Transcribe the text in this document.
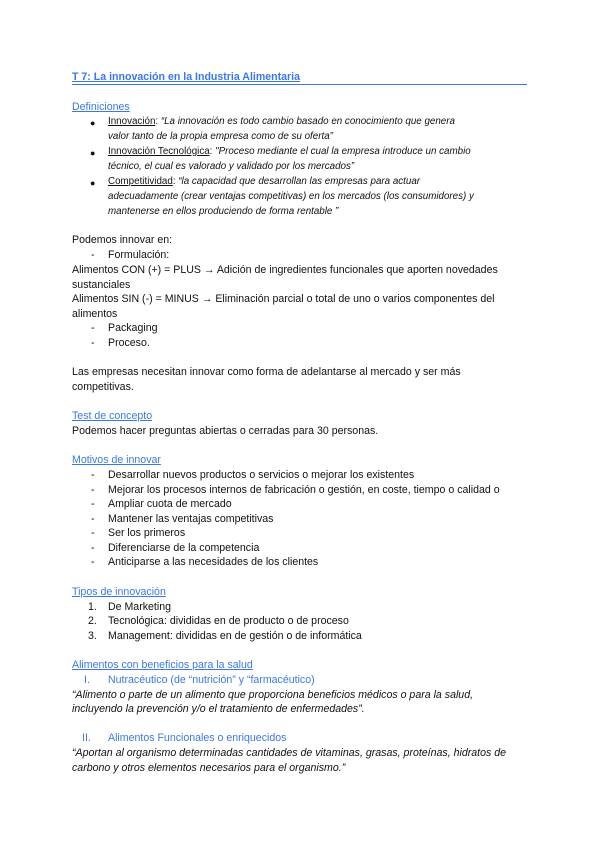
T 7: La innovación en la Industria Alimentaria
Definiciones
● Innovación: “La innovación es todo cambio basado en conocimiento que genera
valor tanto de la propia empresa como de su oferta”
● Innovación Tecnológica: "Proceso mediante el cual la empresa introduce un cambio
técnico, el cual es valorado y validado por los mercados”
● Competitividad: “la capacidad que desarrollan las empresas para actuar
adecuadamente (crear ventajas competitivas) en los mercados (los consumidores) y
mantenerse en ellos produciendo de forma rentable ”
Podemos innovar en:
- Formulación:
Alimentos CON (+) = PLUS → Adición de ingredientes funcionales que aporten novedades
sustanciales
Alimentos SIN (-) = MINUS → Eliminación parcial o total de uno o varios componentes del
alimentos
- Packaging
- Proceso.
Las empresas necesitan innovar como forma de adelantarse al mercado y ser más
competitivas.
Test de concepto
Podemos hacer preguntas abiertas o cerradas para 30 personas.
Motivos de innovar
- Desarrollar nuevos productos o servicios o mejorar los existentes
- Mejorar los procesos internos de fabricación o gestión, en coste, tiempo o calidad o
- Ampliar cuota de mercado
- Mantener las ventajas competitivas
- Ser los primeros
- Diferenciarse de la competencia
- Anticiparse a las necesidades de los clientes
Tipos de innovación
1. De Marketing
2. Tecnológica: divididas en de producto o de proceso
3. Management: divididas en de gestión o de informática
Alimentos con beneficios para la salud
I. Nutracéutico (de “nutrición” y “farmacéutico)
“Alimento o parte de un alimento que proporciona beneficios médicos o para la salud,
incluyendo la prevención y/o el tratamiento de enfermedades”.
II. Alimentos Funcionales o enriquecidos
“Aportan al organismo determinadas cantidades de vitaminas, grasas, proteínas, hidratos de
carbono y otros elementos necesarios para el organismo.”
